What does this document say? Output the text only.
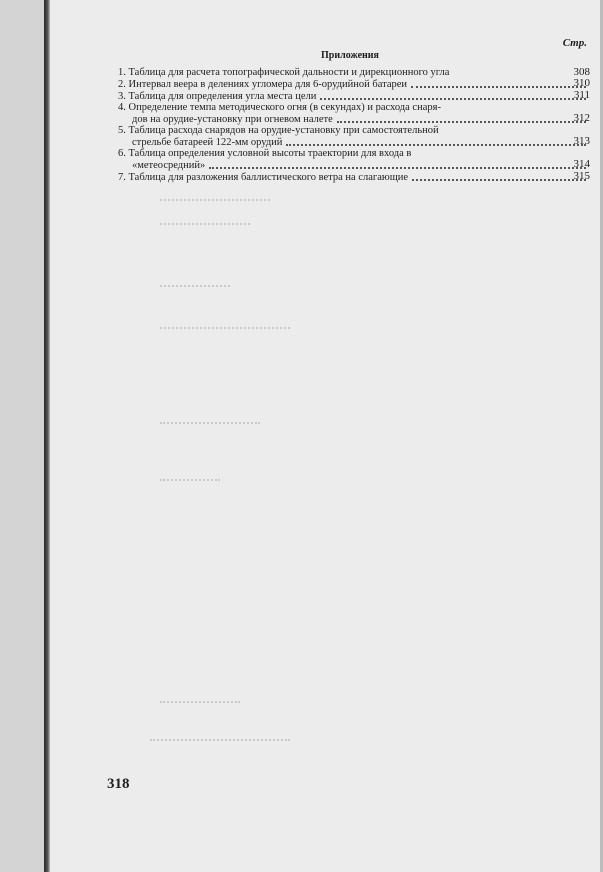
Стр.
Приложения
1. Таблица для расчета топографической дальности и дирекционного угла	308
2. Интервал веера в делениях угломера для 6-орудийной батареи	310
3. Таблица для определения угла места цели	311
4. Определение темпа методического огня (в секундах) и расхода снаря-
дов на орудие-установку при огневом налете	312
5. Таблица расхода снарядов на орудие-установку при самостоятельной
стрельбе батареей 122-мм орудий	313
6. Таблица определения условной высоты траектории для входа в
«метеосредний»	314
7. Таблица для разложения баллистического ветра на слагающие	315
318
